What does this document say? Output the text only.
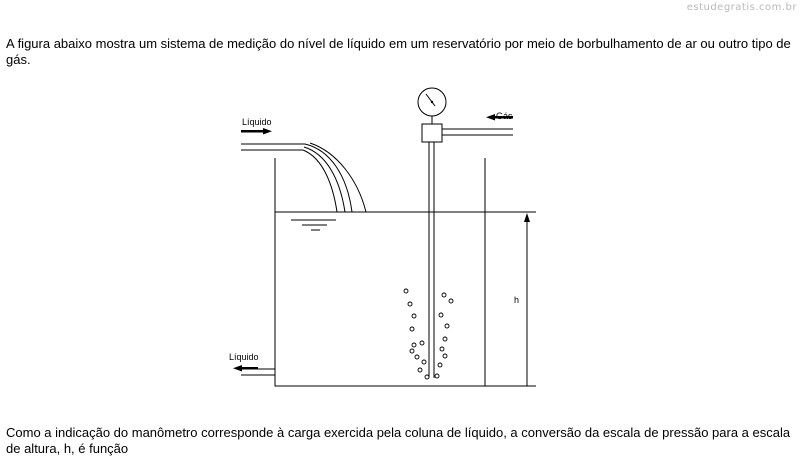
estudegratis.com.br
A figura abaixo mostra um sistema de medição do nível de líquido em um reservatório por meio de borbulhamento de ar ou outro tipo de gás.
Líquido
Gás
h
Líquido
Como a indicação do manômetro corresponde à carga exercida pela coluna de líquido, a conversão da escala de pressão para a escala de altura, h, é função
